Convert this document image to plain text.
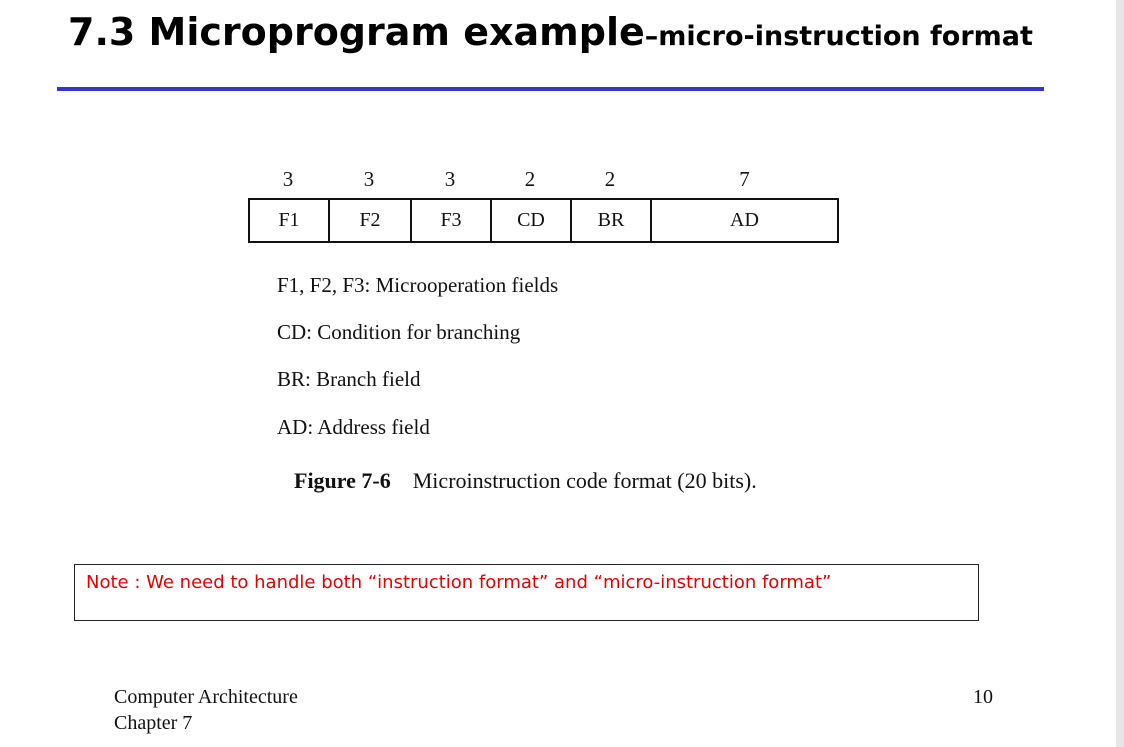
7.3 Microprogram example–micro-instruction format
3	3	3	2	2	7
F1	F2	F3	CD	BR	AD
F1, F2, F3: Microoperation fields
CD: Condition for branching
BR: Branch field
AD: Address field
Figure 7-6 Microinstruction code format (20 bits).
Note : We need to handle both “instruction format” and “micro-instruction format”
Computer Architecture
Chapter 7
10
